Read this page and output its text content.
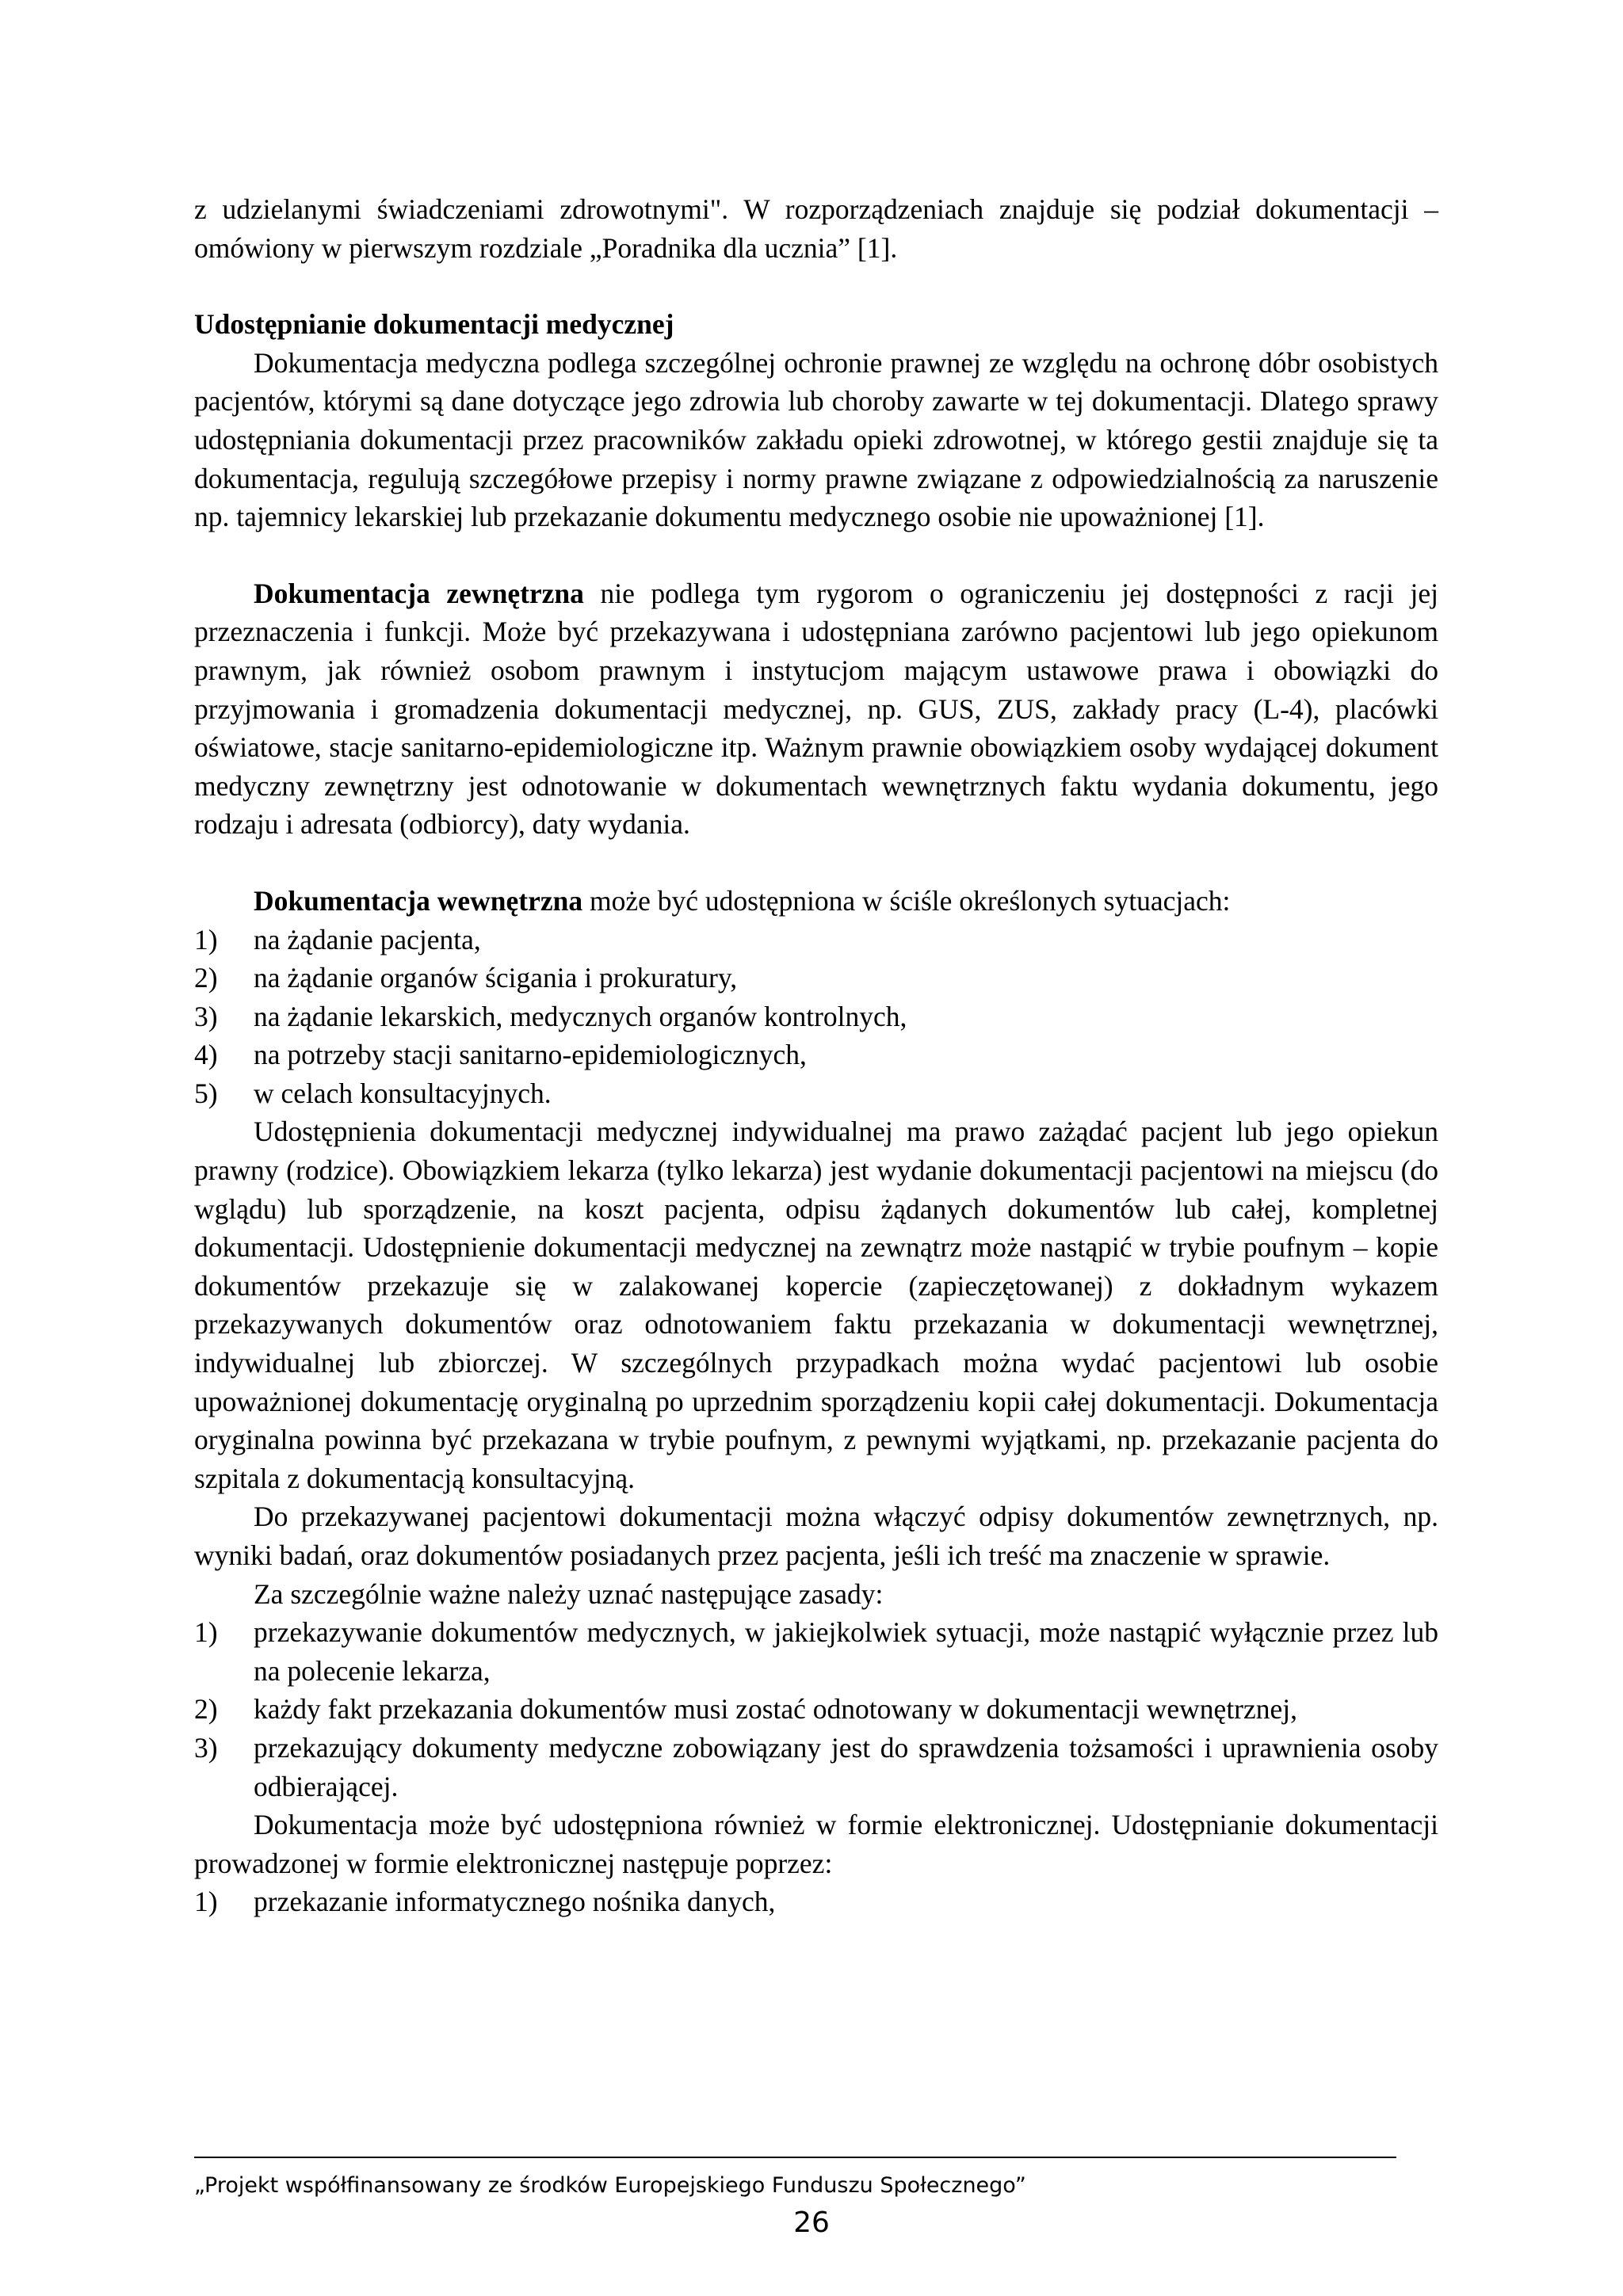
z udzielanymi świadczeniami zdrowotnymi". W rozporządzeniach znajduje się podział dokumentacji – omówiony w pierwszym rozdziale „Poradnika dla ucznia” [1].

Udostępnianie dokumentacji medycznej

Dokumentacja medyczna podlega szczególnej ochronie prawnej ze względu na ochronę dóbr osobistych pacjentów, którymi są dane dotyczące jego zdrowia lub choroby zawarte w tej dokumentacji. Dlatego sprawy udostępniania dokumentacji przez pracowników zakładu opieki zdrowotnej, w którego gestii znajduje się ta dokumentacja, regulują szczegółowe przepisy i normy prawne związane z odpowiedzialnością za naruszenie np. tajemnicy lekarskiej lub przekazanie dokumentu medycznego osobie nie upoważnionej [1].

Dokumentacja zewnętrzna nie podlega tym rygorom o ograniczeniu jej dostępności z racji jej przeznaczenia i funkcji. Może być przekazywana i udostępniana zarówno pacjentowi lub jego opiekunom prawnym, jak również osobom prawnym i instytucjom mającym ustawowe prawa i obowiązki do przyjmowania i gromadzenia dokumentacji medycznej, np. GUS, ZUS, zakłady pracy (L-4), placówki oświatowe, stacje sanitarno-epidemiologiczne itp. Ważnym prawnie obowiązkiem osoby wydającej dokument medyczny zewnętrzny jest odnotowanie w dokumentach wewnętrznych faktu wydania dokumentu, jego rodzaju i adresata (odbiorcy), daty wydania.

Dokumentacja wewnętrzna może być udostępniona w ściśle określonych sytuacjach:

1) na żądanie pacjenta,
2) na żądanie organów ścigania i prokuratury,
3) na żądanie lekarskich, medycznych organów kontrolnych,
4) na potrzeby stacji sanitarno-epidemiologicznych,
5) w celach konsultacyjnych.

Udostępnienia dokumentacji medycznej indywidualnej ma prawo zażądać pacjent lub jego opiekun prawny (rodzice). Obowiązkiem lekarza (tylko lekarza) jest wydanie dokumentacji pacjentowi na miejscu (do wglądu) lub sporządzenie, na koszt pacjenta, odpisu żądanych dokumentów lub całej, kompletnej dokumentacji. Udostępnienie dokumentacji medycznej na zewnątrz może nastąpić w trybie poufnym – kopie dokumentów przekazuje się w zalakowanej kopercie (zapieczętowanej) z dokładnym wykazem przekazywanych dokumentów oraz odnotowaniem faktu przekazania w dokumentacji wewnętrznej, indywidualnej lub zbiorczej. W szczególnych przypadkach można wydać pacjentowi lub osobie upoważnionej dokumentację oryginalną po uprzednim sporządzeniu kopii całej dokumentacji. Dokumentacja oryginalna powinna być przekazana w trybie poufnym, z pewnymi wyjątkami, np. przekazanie pacjenta do szpitala z dokumentacją konsultacyjną.

Do przekazywanej pacjentowi dokumentacji można włączyć odpisy dokumentów zewnętrznych, np. wyniki badań, oraz dokumentów posiadanych przez pacjenta, jeśli ich treść ma znaczenie w sprawie.

Za szczególnie ważne należy uznać następujące zasady:

1) przekazywanie dokumentów medycznych, w jakiejkolwiek sytuacji, może nastąpić wyłącznie przez lub na polecenie lekarza,
2) każdy fakt przekazania dokumentów musi zostać odnotowany w dokumentacji wewnętrznej,
3) przekazujący dokumenty medyczne zobowiązany jest do sprawdzenia tożsamości i uprawnienia osoby odbierającej.

Dokumentacja może być udostępniona również w formie elektronicznej. Udostępnianie dokumentacji prowadzonej w formie elektronicznej następuje poprzez:

1) przekazanie informatycznego nośnika danych,
„Projekt współfinansowany ze środków Europejskiego Funduszu Społecznego”
26
